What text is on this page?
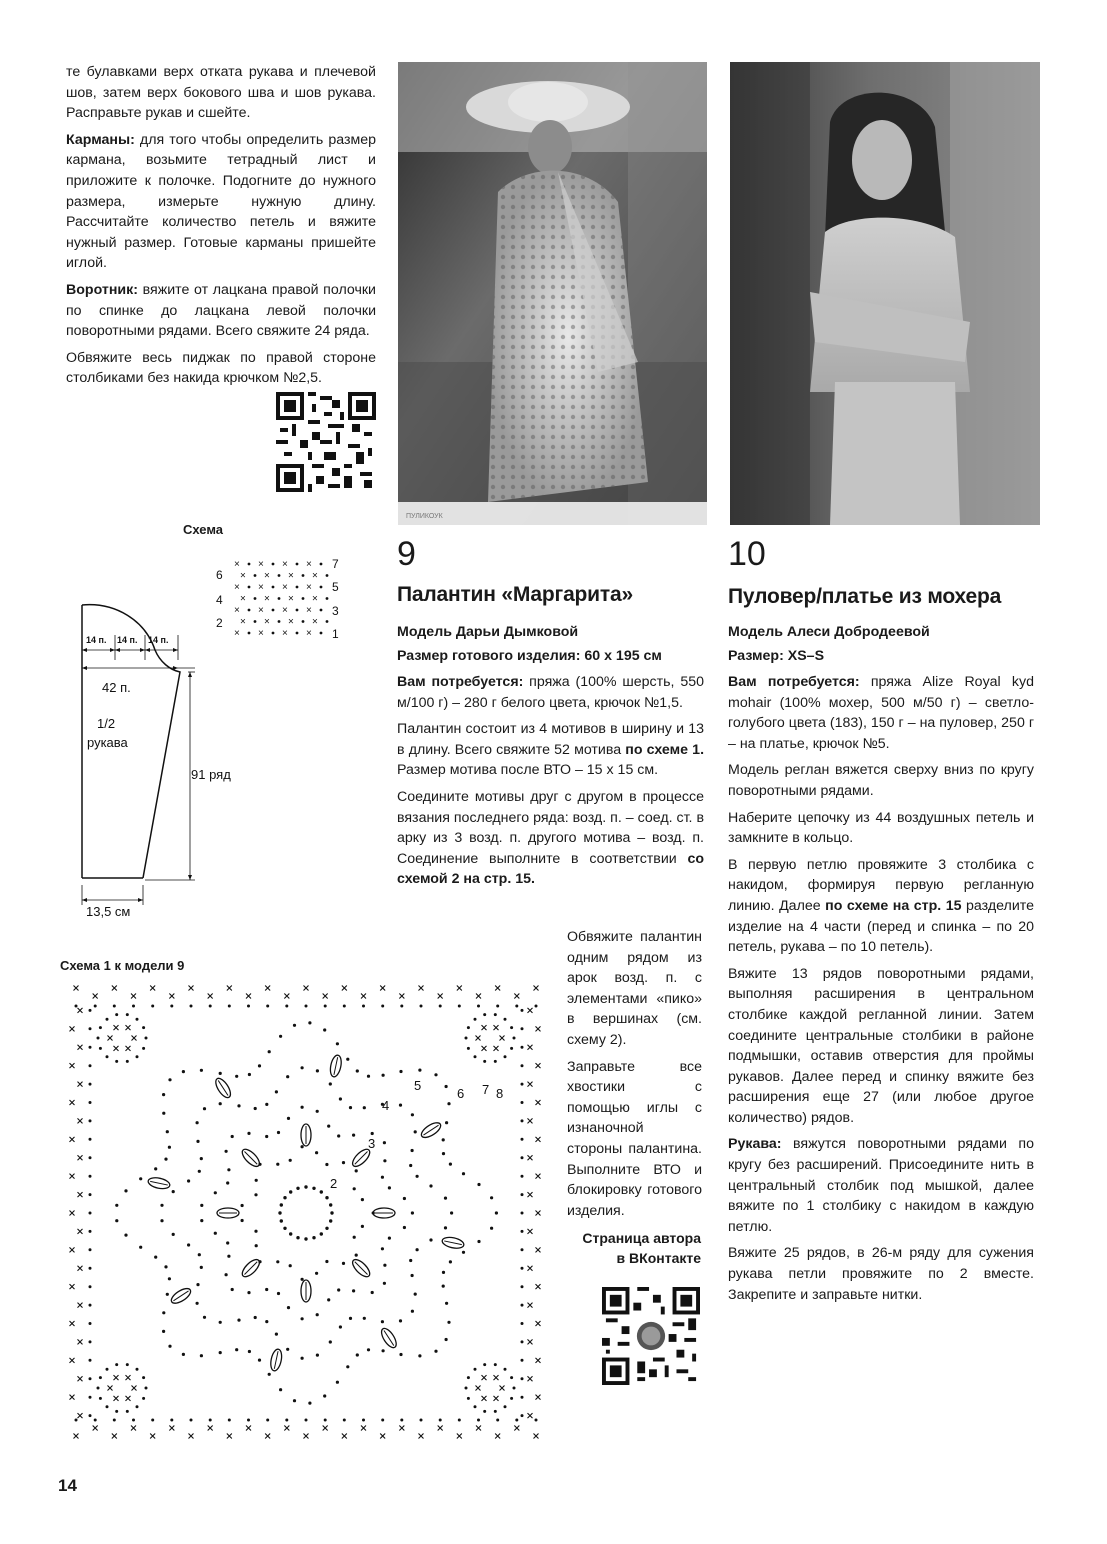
те булавками верх отката рукава и плечевой шов, затем верх бокового шва и шов рукава. Расправьте рукав и сшейте.

Карманы: для того чтобы определить размер кармана, возьмите тетрадный лист и приложите к полочке. Подогните до нужного размера, измерьте нужную длину. Рассчитайте количество петель и вяжите нужный размер. Готовые карманы пришейте иглой.

Воротник: вяжите от лацкана правой полочки по спинке до лацкана левой полочки поворотными рядами. Всего свяжите 24 ряда.

Обвяжите весь пиджак по правой стороне столбиками без накида крючком №2,5.

ПУЛИКОУК
9
Палантин «Маргарита»
Модель Дарьи Дымковой
Размер готового изделия: 60 х 195 см

Вам потребуется: пряжа (100% шерсть, 550 м/100 г) – 280 г белого цвета, крючок №1,5.

Палантин состоит из 4 мотивов в ширину и 13 в длину. Всего свяжите 52 мотива по схеме 1. Размер мотива после ВТО – 15 х 15 см.

Соедините мотивы друг с другом в процессе вязания последнего ряда: возд. п. – соед. ст. в арку из 3 возд. п. другого мотива – возд. п. Соединение выполните в соответствии со схемой 2 на стр. 15.

Обвяжите палантин одним рядом из арок возд. п. с элементами «пико» в вершинах (см. схему 2).

Заправьте все хвостики с помощью иглы с изнаночной стороны палантина. Выполните ВТО и блокировку готового изделия.

Страница автора в ВКонтакте
10
Пуловер/платье из мохера
Модель Алеси Добродеевой
Размер: XS–S

Вам потребуется: пряжа Alize Royal kyd mohair (100% мохер, 500 м/50 г) – светло-голубого цвета (183), 150 г – на пуловер, 250 г – на платье, крючок №5.

Модель реглан вяжется сверху вниз по кругу поворотными рядами.

Наберите цепочку из 44 воздушных петель и замкните в кольцо.

В первую петлю провяжите 3 столбика с накидом, формируя первую регланную линию. Далее по схеме на стр. 15 разделите изделие на 4 части (перед и спинка – по 20 петель, рукава – по 10 петель).

Вяжите 13 рядов поворотными рядами, выполняя расширения в центральном столбике каждой регланной линии. Затем соедините центральные столбики в районе подмышки, оставив отверстия для проймы рукавов. Далее перед и спинку вяжите без расширения еще 27 (или любое другое количество) рядов.

Рукава: вяжутся поворотными рядами по кругу без расширений. Присоедините нить в центральный столбик под мышкой, далее вяжите по 1 столбику с накидом в каждую петлю.

Вяжите 25 рядов, в 26-м ряду для сужения рукава петли провяжите по 2 вместе. Закрепите и заправьте нитки.

Схема
14 п. 14 п. 14 п.
42 п.
1/2
рукава
91 ряд
13,5 см
× × × ×
× × × ×
× × × ×
× × × ×
× × × ×
× × × ×
× × × ×
6
4
2
7
5
3
1
Схема 1 к модели 9
2
3
4
5
6 7 8
14
